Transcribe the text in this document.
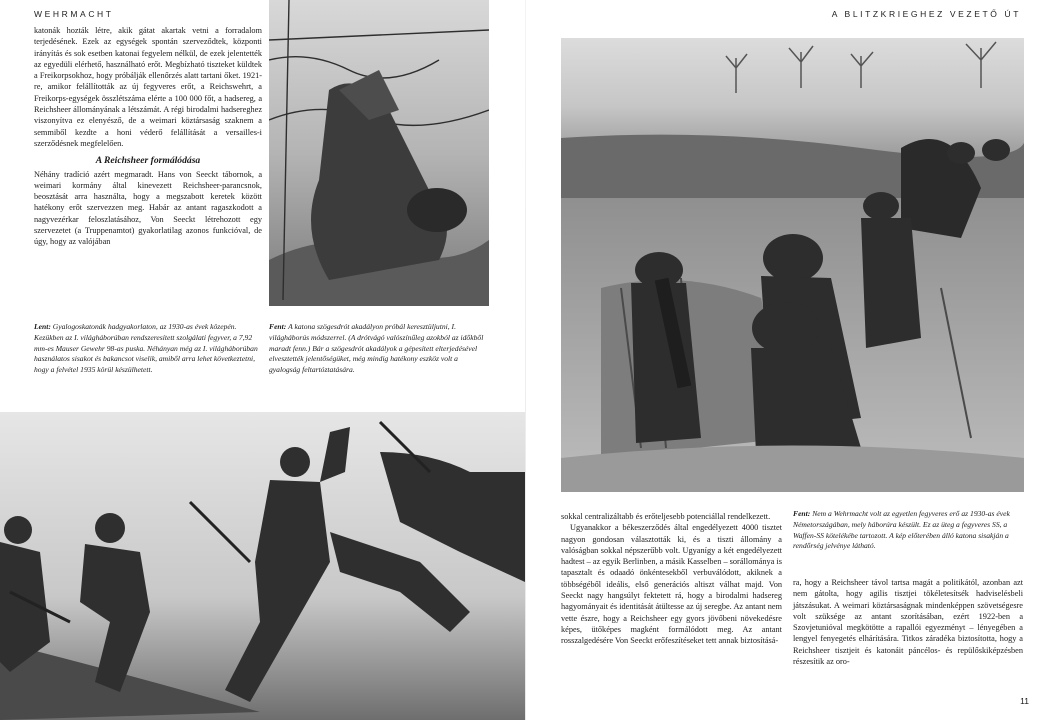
WEHRMACHT

katonák hozták létre, akik gátat akartak vetni a forradalom terjedésének. Ezek az egységek spontán szerveződtek, központi irányítás és sok esetben katonai fegyelem nélkül, de ezek jelentették az egyedüli elérhető, használható erőt. Megbízható tiszteket küldtek a Freikorpsokhoz, hogy próbálják ellenőrzés alatt tartani őket. 1921-re, amikor felállították az új fegyveres erőt, a Reichswehrt, a Freikorps-egységek összlétszáma elérte a 100 000 főt, a hadsereg, a Reichsheer állományának a létszámát. A régi birodalmi hadsereghez viszonyítva ez elenyésző, de a weimari köztársaság szaknem a semmiből kezdte a honi véderő felállítását a versailles-i szerződésnek megfelelően.

A Reichsheer formálódása

Néhány tradíció azért megmaradt. Hans von Seeckt tábornok, a weimari kormány által kinevezett Reichsheer-parancsnok, beosztását arra használta, hogy a megszabott keretek között hatékony erőt szervezzen meg. Habár az antant ragaszkodott a nagyvezérkar feloszlatásához, Von Seeckt létrehozott egy szervezetet (a Truppenamtot) gyakorlatilag azonos funkcióval, de úgy, hogy az valójában

Lent: Gyalogoskatonák hadgyakorlaton, az 1930-as évek közepén. Kezükben az I. világháborúban rendszeresített szolgálati fegyver, a 7,92 mm-es Mauser Gewehr 98-as puska. Néhányan még az I. világháborúban használatos sisakot és bakancsot viselik, amiből arra lehet következtetni, hogy a felvétel 1935 körül készülhetett.
Fent: A katona szögesdrót akadályon próbál keresztüljutni, I. világháborús módszerrel. (A drótvágó valószínűleg azokból az időkből maradt fenn.) Bár a szögesdrót akadályok a gépesített elterjedésével elvesztették jelentőségüket, még mindig hatékony eszköz volt a gyalogság feltartóztatására.
A BLITZKRIEGHEZ VEZETŐ ÚT

sokkal centralizáltabb és erőteljesebb potenciállal rendelkezett.

Ugyanakkor a békeszerződés által engedélyezett 4000 tisztet nagyon gondosan választották ki, és a tiszti állomány a valóságban sokkal népszerűbb volt. Ugyanígy a két engedélyezett hadtest – az egyik Berlinben, a másik Kasselben – sorállománya is tapasztalt és odaadó önkéntesekből verbuválódott, akiknek a többségéből ideális, első generációs altiszt válhat majd. Von Seeckt nagy hangsúlyt fektetett rá, hogy a birodalmi hadsereg hagyományait és identitását átültesse az új seregbe. Az antant nem vette észre, hogy a Reichsheer egy gyors jövőbeni növekedésre képes, ütőképes magként formálódott meg. Az antant rosszalgedésére Von Seeckt erőfeszítéseket tett annak biztosításá-

Fent: Nem a Wehrmacht volt az egyetlen fegyveres erő az 1930-as évek Németországában, mely háborúra készült. Ez az üteg a fegyveres SS, a Waffen-SS kötelékébe tartozott. A kép előterében álló katona sisakján a rendőrség jelvénye látható.

ra, hogy a Reichsheer távol tartsa magát a politikától, azonban azt nem gátolta, hogy agilis tisztjei tökéletesítsék hadviselésbeli játszásukat. A weimari köztársaságnak mindenképpen szövetségesre volt szüksége az antant szorításában, ezért 1922-ben a Szovjetunióval megkötötte a rapallói egyezményt – lényegében a lengyel fenyegetés elhárítására. Titkos záradéka biztosította, hogy a Reichsheer tisztjeit és katonáit páncélos- és repülőskiképzésben részesítik az oro-

11
